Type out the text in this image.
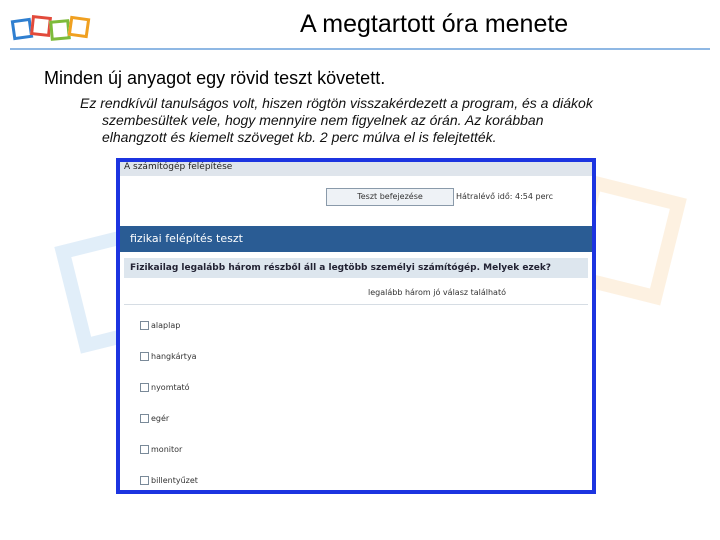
A megtartott óra menete
Minden új anyagot egy rövid teszt követett.
Ez rendkívül tanulságos volt, hiszen rögtön visszakérdezett a program, és a diákok
szembesültek vele, hogy mennyire nem figyelnek az órán. Az korábban
elhangzott és kiemelt szöveget kb. 2 perc múlva el is felejtették.
A számítógép felépítése
Teszt befejezése	Hátralévő idő: 4:54 perc
fizikai felépítés teszt
Fizikailag legalább három részből áll a legtöbb személyi számítógép. Melyek ezek?
legalább három jó válasz található
alaplap
hangkártya
nyomtató
egér
monitor
billentyűzet
